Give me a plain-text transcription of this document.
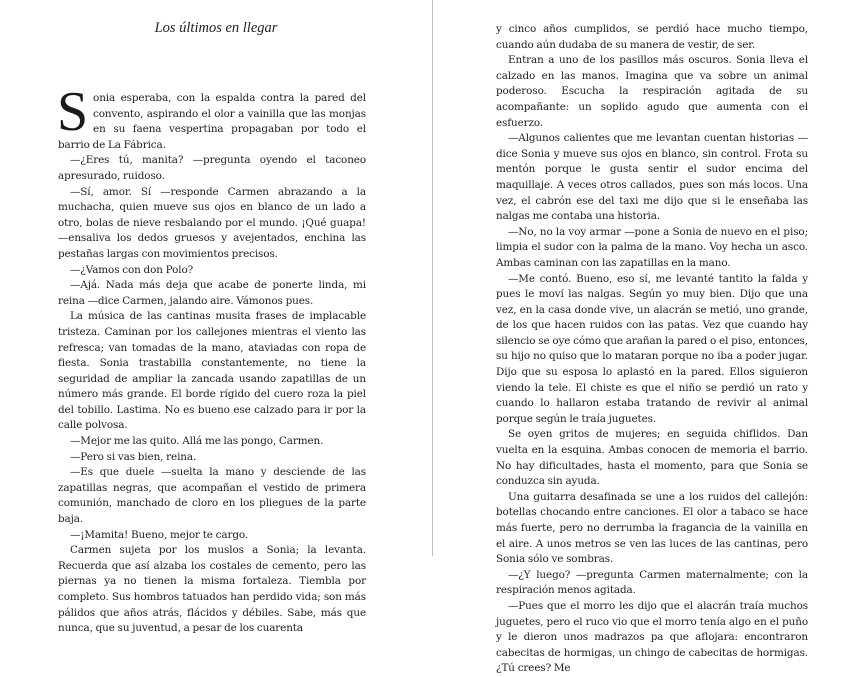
Los últimos en llegar

Sonia esperaba, con la espalda contra la pared del convento, aspirando el olor a vainilla que las monjas en su faena vespertina propagaban por todo el barrio de La Fábrica.

—¿Eres tú, manita? —pregunta oyendo el taconeo apresurado, ruidoso.

—Sí, amor. Sí —responde Carmen abrazando a la muchacha, quien mueve sus ojos en blanco de un lado a otro, bolas de nieve resbalando por el mundo. ¡Qué guapa! —ensaliva los dedos gruesos y avejentados, enchina las pestañas largas con movimientos precisos.

—¿Vamos con don Polo?

—Ajá. Nada más deja que acabe de ponerte linda, mi reina —dice Carmen, jalando aire. Vámonos pues.

La música de las cantinas musita frases de implacable tristeza. Caminan por los callejones mientras el viento las refresca; van tomadas de la mano, ataviadas con ropa de fiesta. Sonia trastabilla constantemente, no tiene la seguridad de ampliar la zancada usando zapatillas de un número más grande. El borde rígido del cuero roza la piel del tobillo. Lastima. No es bueno ese calzado para ir por la calle polvosa.

—Mejor me las quito. Allá me las pongo, Carmen.

—Pero si vas bien, reina.

—Es que duele —suelta la mano y desciende de las zapatillas negras, que acompañan el vestido de primera comunión, manchado de cloro en los pliegues de la parte baja.

—¡Mamita! Bueno, mejor te cargo.

Carmen sujeta por los muslos a Sonia; la levanta. Recuerda que así alzaba los costales de cemento, pero las piernas ya no tienen la misma fortaleza. Tiembla por completo. Sus hombros tatuados han perdido vida; son más pálidos que años atrás, flácidos y débiles. Sabe, más que nunca, que su juventud, a pesar de los cuarenta

y cinco años cumplidos, se perdió hace mucho tiempo, cuando aún dudaba de su manera de vestir, de ser.

Entran a uno de los pasillos más oscuros. Sonia lleva el calzado en las manos. Imagina que va sobre un animal poderoso. Escucha la respiración agitada de su acompañante: un soplido agudo que aumenta con el esfuerzo.

—Algunos calientes que me levantan cuentan historias —dice Sonia y mueve sus ojos en blanco, sin control. Frota su mentón porque le gusta sentir el sudor encima del maquillaje. A veces otros callados, pues son más locos. Una vez, el cabrón ese del taxi me dijo que si le enseñaba las nalgas me contaba una historia.

—No, no la voy armar —pone a Sonia de nuevo en el piso; limpia el sudor con la palma de la mano. Voy hecha un asco. Ambas caminan con las zapatillas en la mano.

—Me contó. Bueno, eso sí, me levanté tantito la falda y pues le moví las nalgas. Según yo muy bien. Dijo que una vez, en la casa donde vive, un alacrán se metió, uno grande, de los que hacen ruidos con las patas. Vez que cuando hay silencio se oye cómo que arañan la pared o el piso, entonces, su hijo no quiso que lo mataran porque no iba a poder jugar. Dijo que su esposa lo aplastó en la pared. Ellos siguieron viendo la tele. El chiste es que el niño se perdió un rato y cuando lo hallaron estaba tratando de revivir al animal porque según le traía juguetes.

Se oyen gritos de mujeres; en seguida chiflidos. Dan vuelta en la esquina. Ambas conocen de memoria el barrio. No hay dificultades, hasta el momento, para que Sonia se conduzca sin ayuda.

Una guitarra desafinada se une a los ruidos del callejón: botellas chocando entre canciones. El olor a tabaco se hace más fuerte, pero no derrumba la fragancia de la vainilla en el aire. A unos metros se ven las luces de las cantinas, pero Sonia sólo ve sombras.

—¿Y luego? —pregunta Carmen maternalmente; con la respiración menos agitada.

—Pues que el morro les dijo que el alacrán traía muchos juguetes, pero el ruco vio que el morro tenía algo en el puño y le dieron unos madrazos pa que aflojara: encontraron cabecitas de hormigas, un chingo de cabecitas de hormigas. ¿Tú crees? Me
